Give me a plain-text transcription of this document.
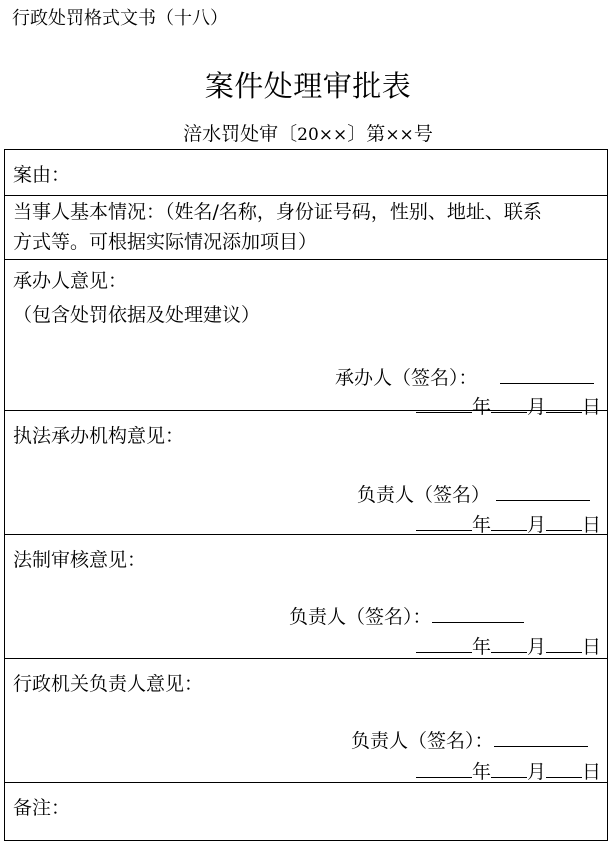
行政处罚格式文书（十八）
案件处理审批表
涪水罚处审〔20××〕第××号
案由：
当事人基本情况：（姓名/名称，身份证号码，性别、地址、联系
方式等。可根据实际情况添加项目）
承办人意见：
（包含处罚依据及处理建议）
承办人（签名）：
年 月 日
执法承办机构意见：
负责人（签名）
年 月 日
法制审核意见：
负责人（签名）：
年 月 日
行政机关负责人意见：
负责人（签名）：
年 月 日
备注：
